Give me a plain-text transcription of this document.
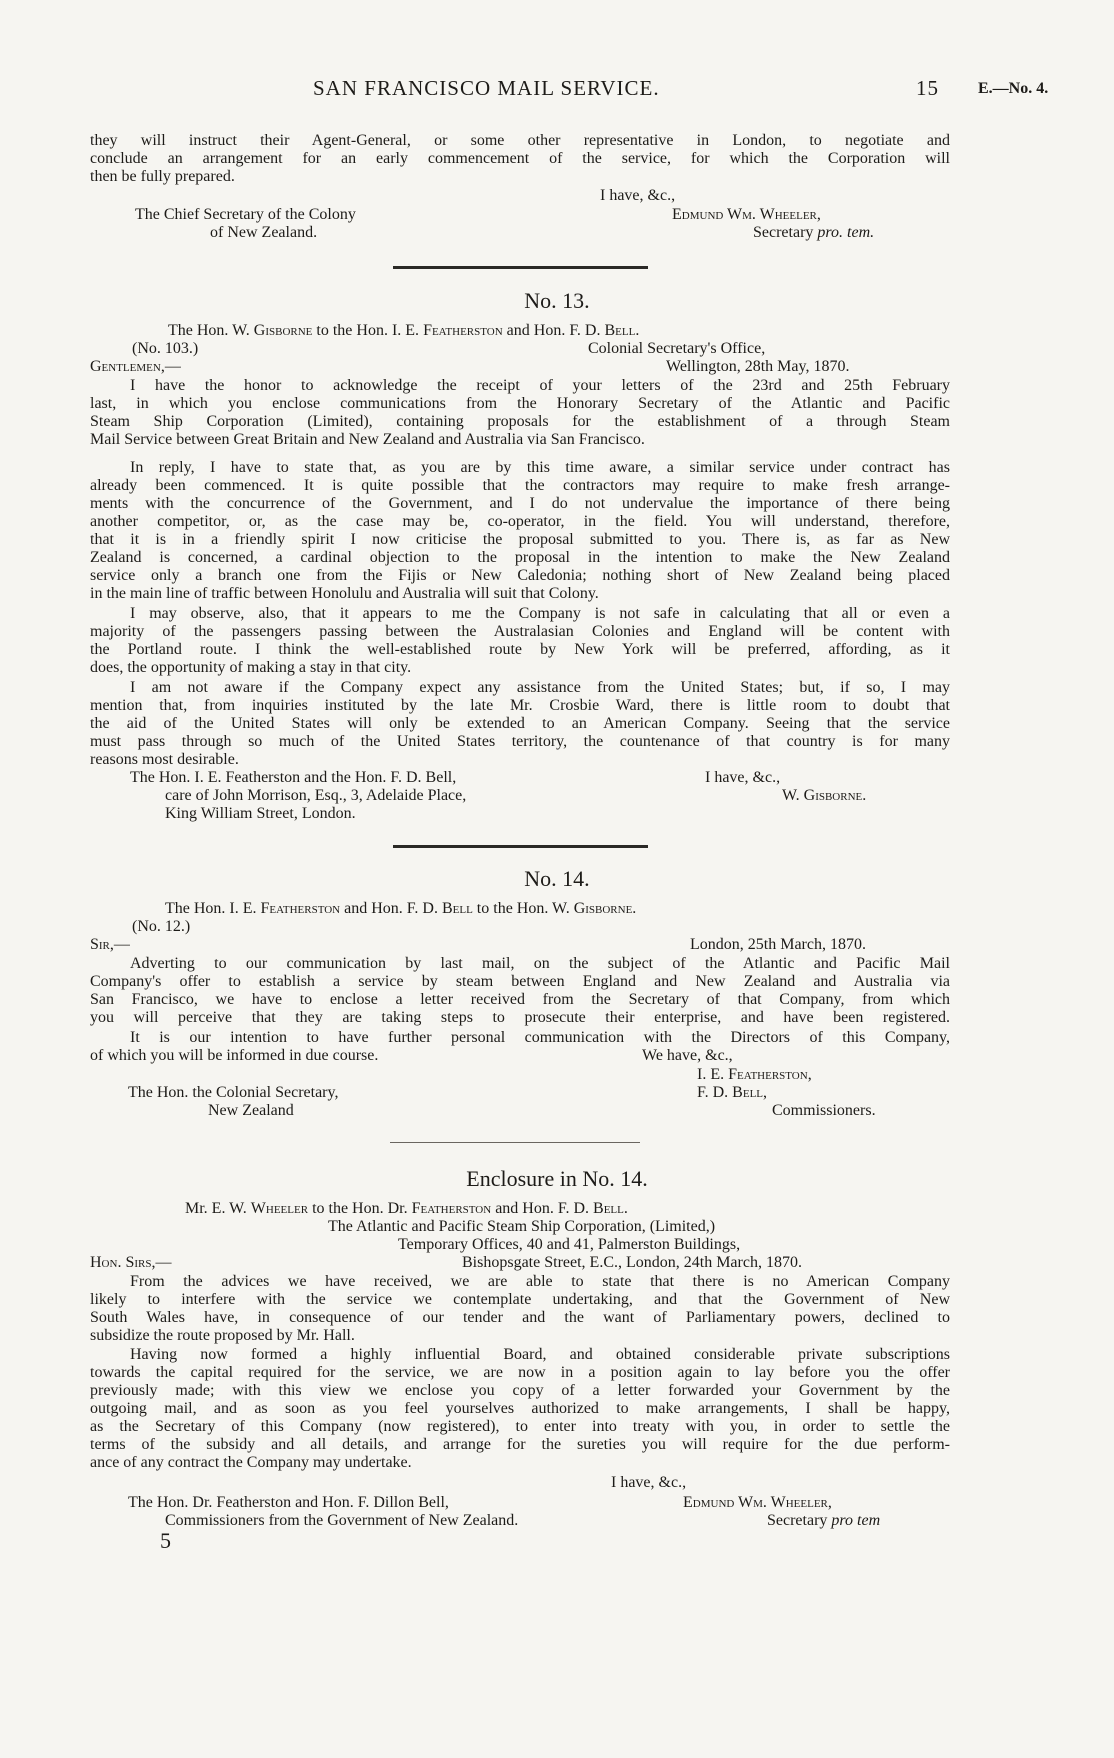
SAN FRANCISCO MAIL SERVICE.	15 E.—No. 4.
they will instruct their Agent-General, or some other representative in London, to negotiate and
conclude an arrangement for an early commencement of the service, for which the Corporation will
then be fully prepared.
I have, &c.,
The Chief Secretary of the Colony
of New Zealand.
Edmund Wm. Wheeler,
Secretary pro. tem.
No. 13.
The Hon. W. Gisborne to the Hon. I. E. Featherston and Hon. F. D. Bell.
(No. 103.)	Colonial Secretary's Office,
Gentlemen,—	Wellington, 28th May, 1870.
I have the honor to acknowledge the receipt of your letters of the 23rd and 25th February
last, in which you enclose communications from the Honorary Secretary of the Atlantic and Pacific
Steam Ship Corporation (Limited), containing proposals for the establishment of a through Steam
Mail Service between Great Britain and New Zealand and Australia via San Francisco.
In reply, I have to state that, as you are by this time aware, a similar service under contract has
already been commenced. It is quite possible that the contractors may require to make fresh arrange-
ments with the concurrence of the Government, and I do not undervalue the importance of there being
another competitor, or, as the case may be, co-operator, in the field. You will understand, therefore,
that it is in a friendly spirit I now criticise the proposal submitted to you. There is, as far as New
Zealand is concerned, a cardinal objection to the proposal in the intention to make the New Zealand
service only a branch one from the Fijis or New Caledonia; nothing short of New Zealand being placed
in the main line of traffic between Honolulu and Australia will suit that Colony.
I may observe, also, that it appears to me the Company is not safe in calculating that all or even a
majority of the passengers passing between the Australasian Colonies and England will be content with
the Portland route. I think the well-established route by New York will be preferred, affording, as it
does, the opportunity of making a stay in that city.
I am not aware if the Company expect any assistance from the United States; but, if so, I may
mention that, from inquiries instituted by the late Mr. Crosbie Ward, there is little room to doubt that
the aid of the United States will only be extended to an American Company. Seeing that the service
must pass through so much of the United States territory, the countenance of that country is for many
reasons most desirable.
The Hon. I. E. Featherston and the Hon. F. D. Bell,
care of John Morrison, Esq., 3, Adelaide Place,
King William Street, London.
I have, &c.,
W. Gisborne.
No. 14.
The Hon. I. E. Featherston and Hon. F. D. Bell to the Hon. W. Gisborne.
(No. 12.)
Sir,—	London, 25th March, 1870.
Adverting to our communication by last mail, on the subject of the Atlantic and Pacific Mail
Company's offer to establish a service by steam between England and New Zealand and Australia via
San Francisco, we have to enclose a letter received from the Secretary of that Company, from which
you will perceive that they are taking steps to prosecute their enterprise, and have been registered.
It is our intention to have further personal communication with the Directors of this Company,
of which you will be informed in due course.	We have, &c.,
I. E. Featherston,
F. D. Bell,
Commissioners.
The Hon. the Colonial Secretary,
New Zealand
Enclosure in No. 14.
Mr. E. W. Wheeler to the Hon. Dr. Featherston and Hon. F. D. Bell.
The Atlantic and Pacific Steam Ship Corporation, (Limited,)
Temporary Offices, 40 and 41, Palmerston Buildings,
Hon. Sirs,—	Bishopsgate Street, E.C., London, 24th March, 1870.
From the advices we have received, we are able to state that there is no American Company
likely to interfere with the service we contemplate undertaking, and that the Government of New
South Wales have, in consequence of our tender and the want of Parliamentary powers, declined to
subsidize the route proposed by Mr. Hall.
Having now formed a highly influential Board, and obtained considerable private subscriptions
towards the capital required for the service, we are now in a position again to lay before you the offer
previously made; with this view we enclose you copy of a letter forwarded your Government by the
outgoing mail, and as soon as you feel yourselves authorized to make arrangements, I shall be happy,
as the Secretary of this Company (now registered), to enter into treaty with you, in order to settle the
terms of the subsidy and all details, and arrange for the sureties you will require for the due perform-
ance of any contract the Company may undertake.
I have, &c.,
The Hon. Dr. Featherston and Hon. F. Dillon Bell,
Commissioners from the Government of New Zealand.
Edmund Wm. Wheeler,
Secretary pro tem
5
